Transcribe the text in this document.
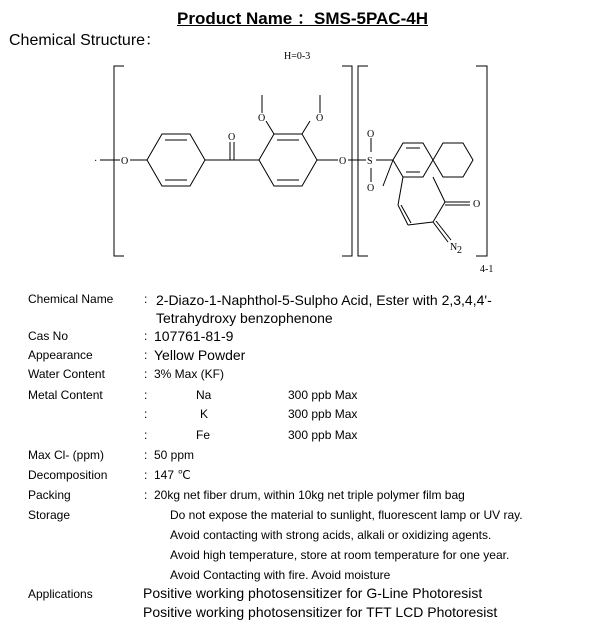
Product Name ：SMS-5PAC-4H
Chemical Structure：
H=0-3
· O
O
O	O
O S
O
O
O
N 2
4-1
Chemical Name	: 2-Diazo-1-Naphthol-5-Sulpho Acid, Ester with 2,3,4,4'-
Tetrahydroxy benzophenone
Cas No	: 107761-81-9
Appearance	: Yellow Powder
Water Content	: 3% Max (KF)
Metal Content	:	Na	300 ppb Max
:	K	300 ppb Max
:	Fe	300 ppb Max
Max Cl- (ppm)	: 50 ppm
Decomposition	: 147 ℃
Packing	: 20kg net fiber drum, within 10kg net triple polymer film bag
Storage	Do not expose the material to sunlight, fluorescent lamp or UV ray.
Avoid contacting with strong acids, alkali or oxidizing agents.
Avoid high temperature, store at room temperature for one year.
Avoid Contacting with fire. Avoid moisture
Applications	Positive working photosensitizer for G-Line Photoresist
Positive working photosensitizer for TFT LCD Photoresist
